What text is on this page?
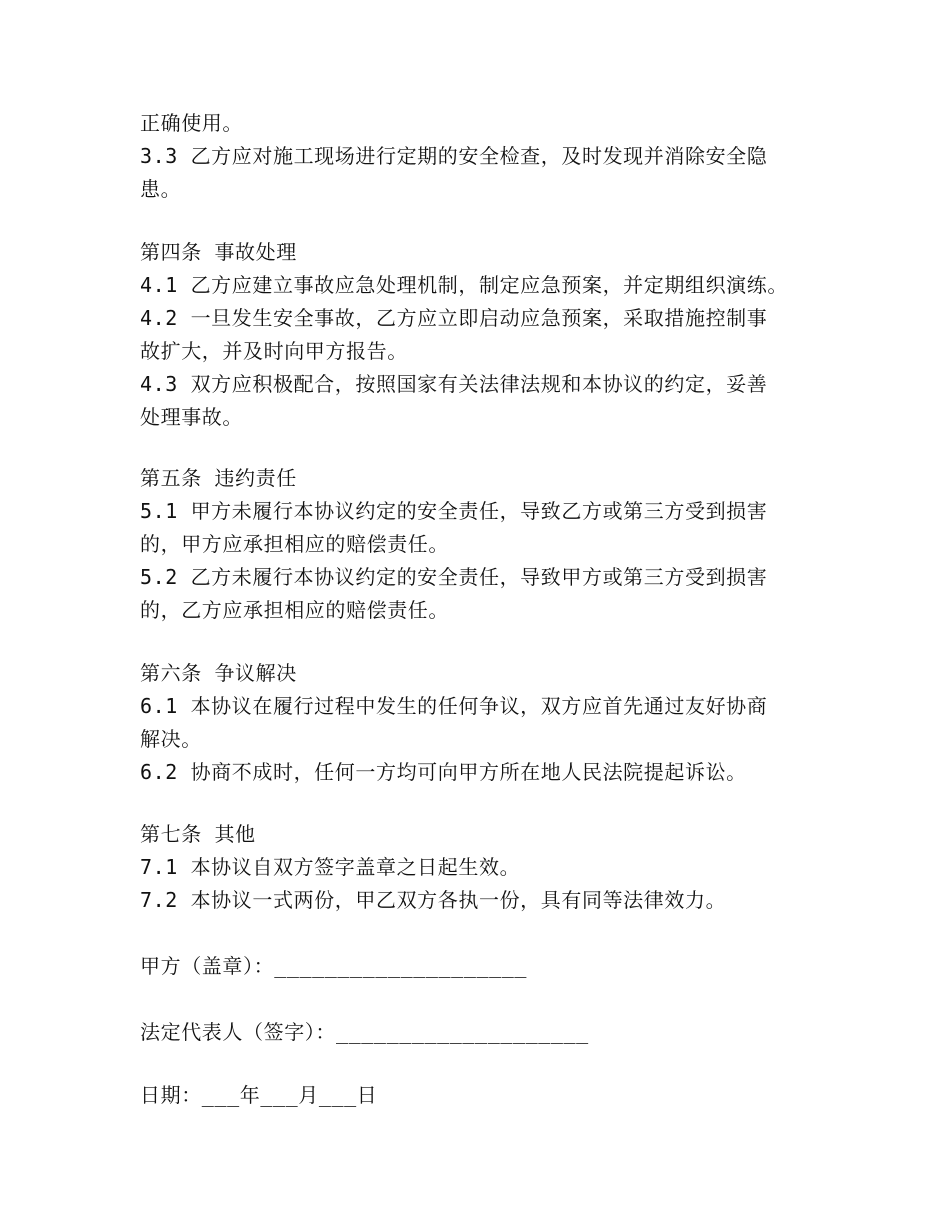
正确使用。
3.3 乙方应对施工现场进行定期的安全检查，及时发现并消除安全隐
患。
第四条 事故处理
4.1 乙方应建立事故应急处理机制，制定应急预案，并定期组织演练。
4.2 一旦发生安全事故，乙方应立即启动应急预案，采取措施控制事
故扩大，并及时向甲方报告。
4.3 双方应积极配合，按照国家有关法律法规和本协议的约定，妥善
处理事故。
第五条 违约责任
5.1 甲方未履行本协议约定的安全责任，导致乙方或第三方受到损害
的，甲方应承担相应的赔偿责任。
5.2 乙方未履行本协议约定的安全责任，导致甲方或第三方受到损害
的，乙方应承担相应的赔偿责任。
第六条 争议解决
6.1 本协议在履行过程中发生的任何争议，双方应首先通过友好协商
解决。
6.2 协商不成时，任何一方均可向甲方所在地人民法院提起诉讼。
第七条 其他
7.1 本协议自双方签字盖章之日起生效。
7.2 本协议一式两份，甲乙双方各执一份，具有同等法律效力。
甲方（盖章）：____________________
法定代表人（签字）：____________________
日期：___年___月___日
